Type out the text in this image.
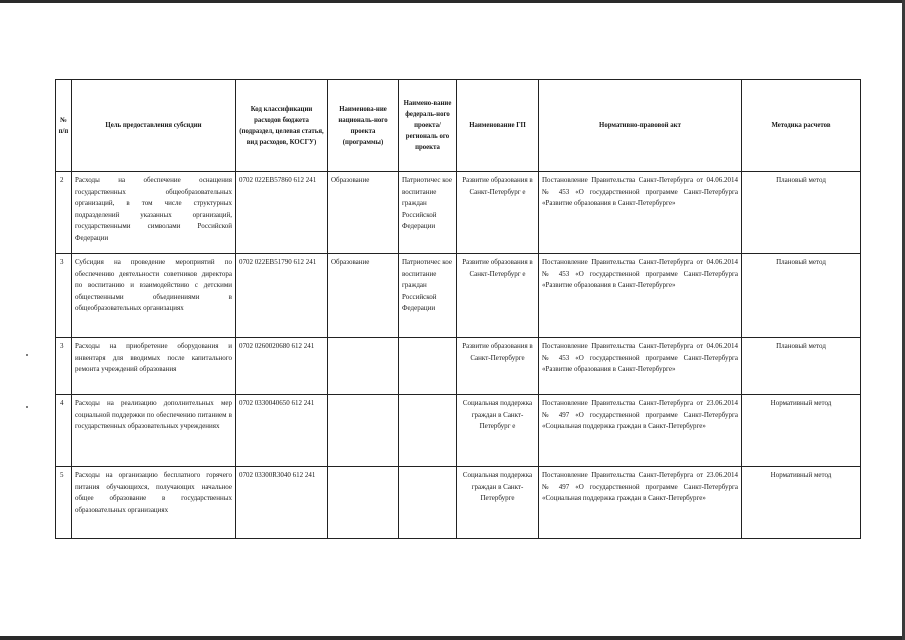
№ п/п	Цель предоставления субсидии	Код классификации расходов бюджета (подраздел, целевая статья, вид расходов, КОСГУ)	Наименова-ние националь-ного проекта (программы)	Наимено-вание федераль-ного проекта/ региональ ого проекта	Наименование ГП	Нормативно-правовой акт	Методика расчетов
2	Расходы на обеспечение оснащения государственных общеобразовательных организаций, в том числе структурных подразделений указанных организаций, государственными символами Российской Федерации	0702 022ЕВ57860 612 241	Образование	Патриотичес кое воспитание граждан Российской Федерации	Развитие образования в Санкт-Петербург е	Постановление Правительства Санкт-Петербурга от 04.06.2014 № 453 «О государственной программе Санкт-Петербурга «Развитие образования в Санкт-Петербурге»	Плановый метод
3	Субсидия на проведение мероприятий по обеспечению деятельности советников директора по воспитанию и взаимодействию с детскими общественными объединениями в общеобразовательных организациях	0702 022ЕВ51790 612 241	Образование	Патриотичес кое воспитание граждан Российской Федерации	Развитие образования в Санкт-Петербург е	Постановление Правительства Санкт-Петербурга от 04.06.2014 № 453 «О государственной программе Санкт-Петербурга «Развитие образования в Санкт-Петербурге»	Плановый метод
3	Расходы на приобретение оборудования и инвентаря для вводимых после капитального ремонта учреждений образования	0702 0260020680 612 241			Развитие образования в Санкт-Петербурге	Постановление Правительства Санкт-Петербурга от 04.06.2014 № 453 «О государственной программе Санкт-Петербурга «Развитие образования в Санкт-Петербурге»	Плановый метод
4	Расходы на реализацию дополнительных мер социальной поддержки по обеспечению питанием в государственных образовательных учреждениях	0702 0330040650 612 241			Социальная поддержка граждан в Санкт-Петербург е	Постановление Правительства Санкт-Петербурга от 23.06.2014 № 497 «О государственной программе Санкт-Петербурга «Социальная поддержка граждан в Санкт-Петербурге»	Нормативный метод
5	Расходы на организацию бесплатного горячего питания обучающихся, получающих начальное общее образование в государственных образовательных организациях	0702 03300R3040 612 241			Социальная поддержка граждан в Санкт-Петербурге	Постановление Правительства Санкт-Петербурга от 23.06.2014 № 497 «О государственной программе Санкт-Петербурга «Социальная поддержка граждан в Санкт-Петербурге»	Нормативный метод
